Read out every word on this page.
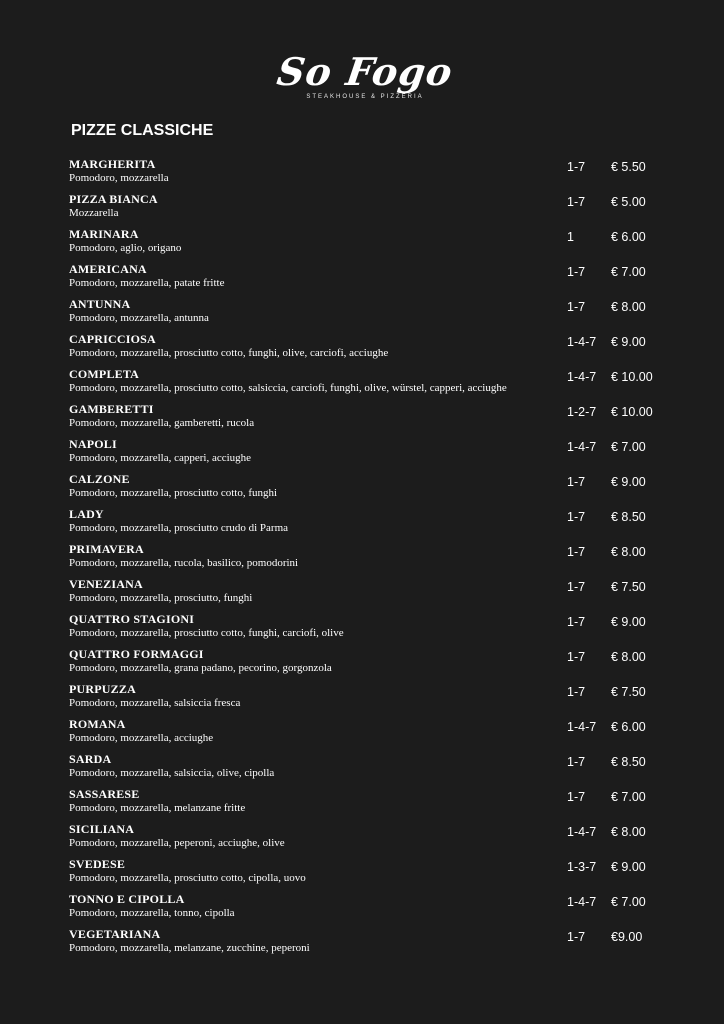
So Fogo
STEAKHOUSE & PIZZERIA
PIZZE CLASSICHE
MARGHERITA
Pomodoro, mozzarella
1-7 € 5.50
PIZZA BIANCA
Mozzarella
1-7 € 5.00
MARINARA
Pomodoro, aglio, origano
1	€ 6.00
AMERICANA
Pomodoro, mozzarella, patate fritte
1-7 € 7.00
ANTUNNA
Pomodoro, mozzarella, antunna
1-7 € 8.00
CAPRICCIOSA
Pomodoro, mozzarella, prosciutto cotto, funghi, olive, carciofi, acciughe
1-4-7 € 9.00
COMPLETA
Pomodoro, mozzarella, prosciutto cotto, salsiccia, carciofi, funghi, olive, würstel, capperi, acciughe
1-4-7 € 10.00
GAMBERETTI
Pomodoro, mozzarella, gamberetti, rucola
1-2-7 € 10.00
NAPOLI
Pomodoro, mozzarella, capperi, acciughe
1-4-7 € 7.00
CALZONE
Pomodoro, mozzarella, prosciutto cotto, funghi
1-7 € 9.00
LADY
Pomodoro, mozzarella, prosciutto crudo di Parma
1-7 € 8.50
PRIMAVERA
Pomodoro, mozzarella, rucola, basilico, pomodorini
1-7 € 8.00
VENEZIANA
Pomodoro, mozzarella, prosciutto, funghi
1-7 € 7.50
QUATTRO STAGIONI
Pomodoro, mozzarella, prosciutto cotto, funghi, carciofi, olive
1-7 € 9.00
QUATTRO FORMAGGI
Pomodoro, mozzarella, grana padano, pecorino, gorgonzola
1-7 € 8.00
PURPUZZA
Pomodoro, mozzarella, salsiccia fresca
1-7 € 7.50
ROMANA
Pomodoro, mozzarella, acciughe
1-4-7 € 6.00
SARDA
Pomodoro, mozzarella, salsiccia, olive, cipolla
1-7 € 8.50
SASSARESE
Pomodoro, mozzarella, melanzane fritte
1-7 € 7.00
SICILIANA
Pomodoro, mozzarella, peperoni, acciughe, olive
1-4-7 € 8.00
SVEDESE
Pomodoro, mozzarella, prosciutto cotto, cipolla, uovo
1-3-7 € 9.00
TONNO E CIPOLLA
Pomodoro, mozzarella, tonno, cipolla
1-4-7 € 7.00
VEGETARIANA
Pomodoro, mozzarella, melanzane, zucchine, peperoni
1-7 €9.00
